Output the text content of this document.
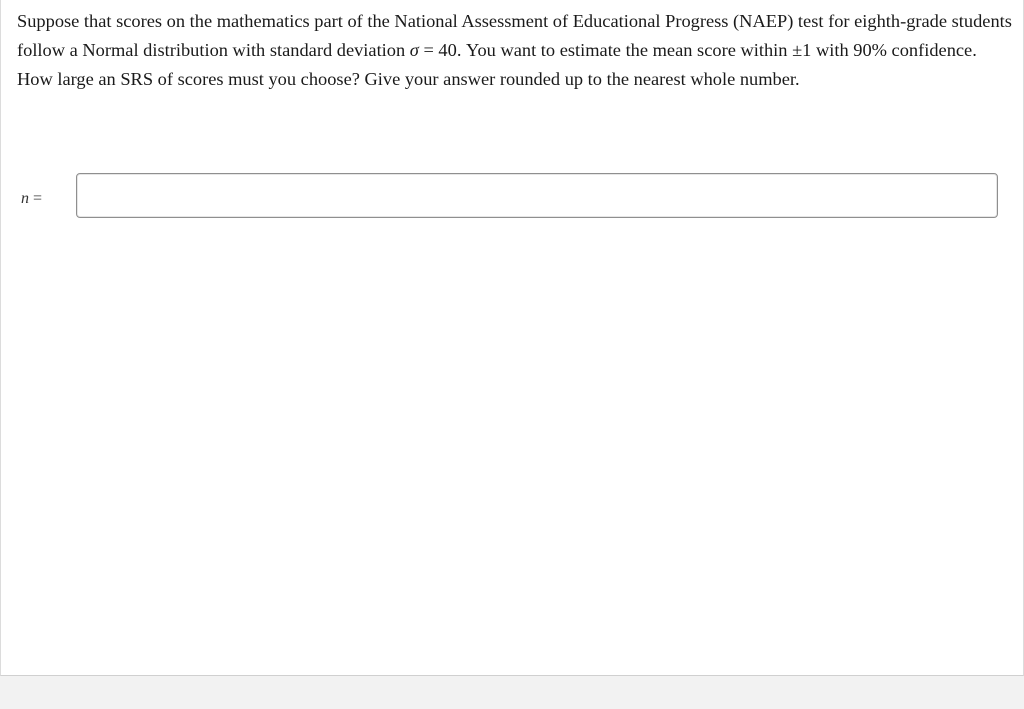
Suppose that scores on the mathematics part of the National Assessment of Educational Progress (NAEP) test for eighth-grade students follow a Normal distribution with standard deviation σ = 40. You want to estimate the mean score within ±1 with 90% confidence. How large an SRS of scores must you choose? Give your answer rounded up to the nearest whole number.

n =
